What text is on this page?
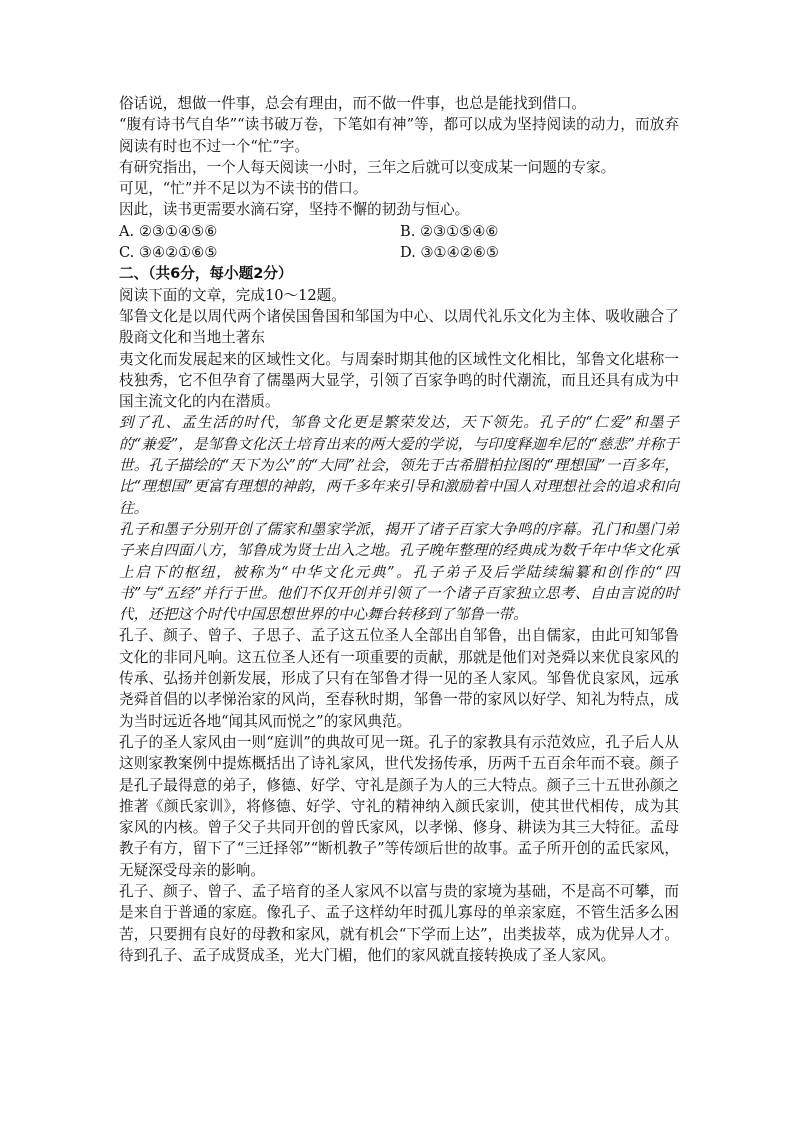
俗话说，想做一件事，总会有理由，而不做一件事，也总是能找到借口。

“腹有诗书气自华”“读书破万卷，下笔如有神”等，都可以成为坚持阅读的动力，而放弃阅读有时也不过一个“忙”字。

有研究指出，一个人每天阅读一小时，三年之后就可以变成某一问题的专家。

可见，“忙”并不足以为不读书的借口。

因此，读书更需要水滴石穿，坚持不懈的韧劲与恒心。

A. ②③①④⑤⑥	B. ②③①⑤④⑥
C. ③④②①⑥⑤	D. ③①④②⑥⑤

二、（共6分，每小题2分）

阅读下面的文章，完成10～12题。

邹鲁文化是以周代两个诸侯国鲁国和邹国为中心、以周代礼乐文化为主体、吸收融合了殷商文化和当地土著东

夷文化而发展起来的区域性文化。与周秦时期其他的区域性文化相比，邹鲁文化堪称一枝独秀，它不但孕育了儒墨两大显学，引领了百家争鸣的时代潮流，而且还具有成为中国主流文化的内在潜质。

到了孔、孟生活的时代，邹鲁文化更是繁荣发达，天下领先。孔子的“仁爱”和墨子的“兼爱”，是邹鲁文化沃土培育出来的两大爱的学说，与印度释迦牟尼的“慈悲”并称于世。孔子描绘的“天下为公”的“大同”社会，领先于古希腊柏拉图的“理想国”一百多年，比“理想国”更富有理想的神韵，两千多年来引导和激励着中国人对理想社会的追求和向往。

孔子和墨子分别开创了儒家和墨家学派，揭开了诸子百家大争鸣的序幕。孔门和墨门弟子来自四面八方，邹鲁成为贤士出入之地。孔子晚年整理的经典成为数千年中华文化承上启下的枢纽，被称为“中华文化元典”。孔子弟子及后学陆续编纂和创作的“四书”与“五经”并行于世。他们不仅开创并引领了一个诸子百家独立思考、自由言说的时代，还把这个时代中国思想世界的中心舞台转移到了邹鲁一带。

孔子、颜子、曾子、子思子、孟子这五位圣人全部出自邹鲁，出自儒家，由此可知邹鲁文化的非同凡响。这五位圣人还有一项重要的贡献，那就是他们对尧舜以来优良家风的传承、弘扬并创新发展，形成了只有在邹鲁才得一见的圣人家风。邹鲁优良家风，远承尧舜首倡的以孝悌治家的风尚，至春秋时期，邹鲁一带的家风以好学、知礼为特点，成为当时远近各地“闻其风而悦之”的家风典范。

孔子的圣人家风由一则“庭训”的典故可见一斑。孔子的家教具有示范效应，孔子后人从这则家教案例中提炼概括出了诗礼家风，世代发扬传承，历两千五百余年而不衰。颜子是孔子最得意的弟子，修德、好学、守礼是颜子为人的三大特点。颜子三十五世孙颜之推著《颜氏家训》，将修德、好学、守礼的精神纳入颜氏家训，使其世代相传，成为其家风的内核。曾子父子共同开创的曾氏家风，以孝悌、修身、耕读为其三大特征。孟母教子有方，留下了“三迁择邻”“断机教子”等传颂后世的故事。孟子所开创的孟氏家风，无疑深受母亲的影响。

孔子、颜子、曾子、孟子培育的圣人家风不以富与贵的家境为基础，不是高不可攀，而是来自于普通的家庭。像孔子、孟子这样幼年时孤儿寡母的单亲家庭，不管生活多么困苦，只要拥有良好的母教和家风，就有机会“下学而上达”，出类拔萃，成为优异人才。待到孔子、孟子成贤成圣，光大门楣，他们的家风就直接转换成了圣人家风。
